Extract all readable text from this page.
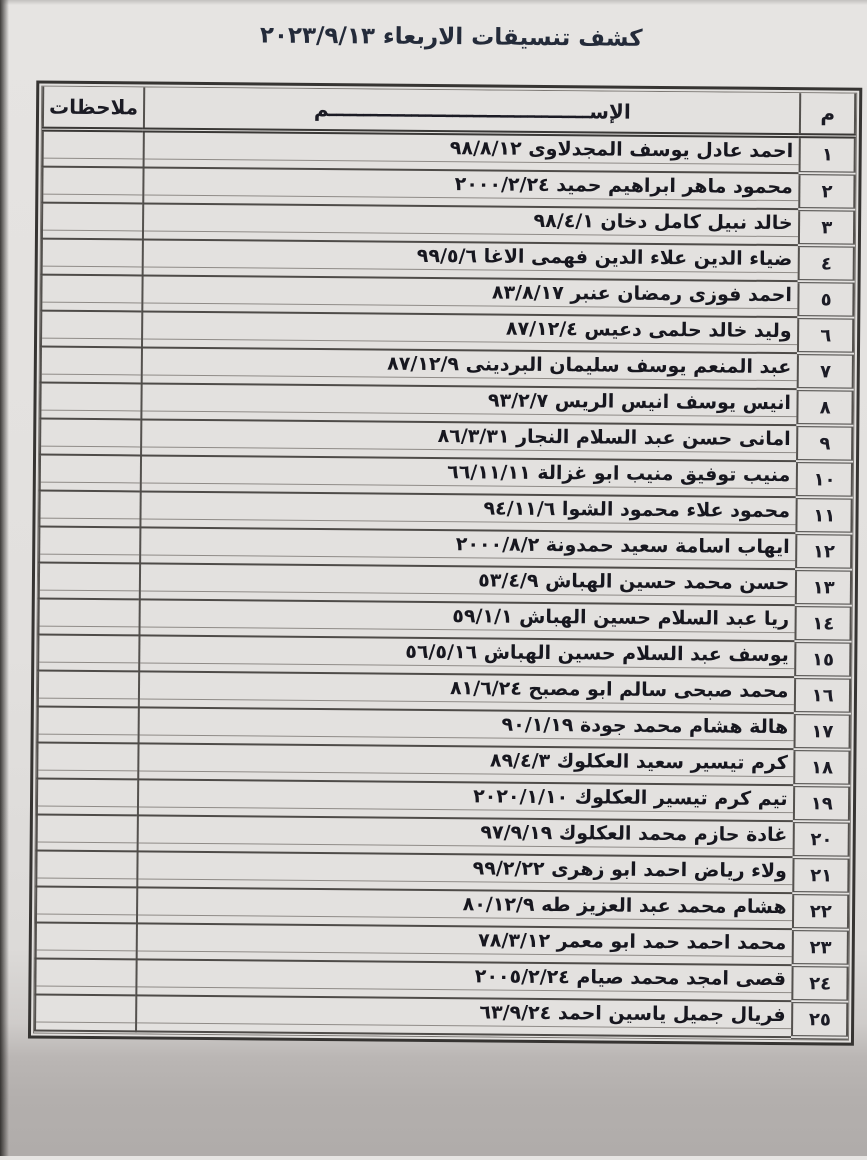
كشف تنسيقات الاربعاء ٢٠٢٣/٩/١٣
م	الإســــــــــــــــــــــــــــــــــــــم	ملاحظات
١	احمد عادل يوسف المجدلاوى ٩٨/٨/١٢	

٢	محمود ماهر ابراهيم حميد ٢٠٠٠/٢/٢٤	

٣	خالد نبيل كامل دخان ٩٨/٤/١	

٤	ضياء الدين علاء الدين فهمى الاغا ٩٩/٥/٦	

٥	احمد فوزى رمضان عنبر ٨٣/٨/١٧	

٦	وليد خالد حلمى دعيس ٨٧/١٢/٤	

٧	عبد المنعم يوسف سليمان البردينى ٨٧/١٢/٩	

٨	انيس يوسف انيس الريس ٩٣/٢/٧	

٩	امانى حسن عبد السلام النجار ٨٦/٣/٣١	

١٠	منيب توفيق منيب ابو غزالة ٦٦/١١/١١	

١١	محمود علاء محمود الشوا ٩٤/١١/٦	

١٢	ايهاب اسامة سعيد حمدونة ٢٠٠٠/٨/٢	

١٣	حسن محمد حسين الهباش ٥٣/٤/٩	

١٤	ريا عبد السلام حسين الهباش ٥٩/١/١	

١٥	يوسف عبد السلام حسين الهباش ٥٦/٥/١٦	

١٦	محمد صبحى سالم ابو مصبح ٨١/٦/٢٤	

١٧	هالة هشام محمد جودة ٩٠/١/١٩	

١٨	كرم تيسير سعيد العكلوك ٨٩/٤/٣	

١٩	تيم كرم تيسير العكلوك ٢٠٢٠/١/١٠	

٢٠	غادة حازم محمد العكلوك ٩٧/٩/١٩	

٢١	ولاء رياض احمد ابو زهرى ٩٩/٢/٢٢	

٢٢	هشام محمد عبد العزيز طه ٨٠/١٢/٩	

٢٣	محمد احمد حمد ابو معمر ٧٨/٣/١٢	

٢٤	قصى امجد محمد صيام ٢٠٠٥/٢/٢٤	

٢٥	فريال جميل ياسين احمد ٦٣/٩/٢٤	
